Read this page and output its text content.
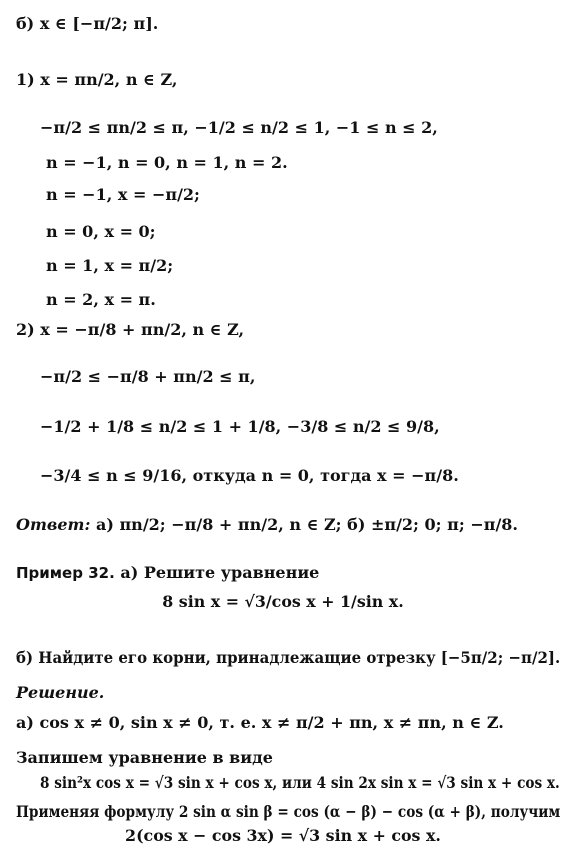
б) x ∈ [−π/2; π].
1) x = πn/2, n ∈ Z,
−π/2 ≤ πn/2 ≤ π, −1/2 ≤ n/2 ≤ 1, −1 ≤ n ≤ 2,
n = −1, n = 0, n = 1, n = 2.
n = −1, x = −π/2;
n = 0, x = 0;
n = 1, x = π/2;
n = 2, x = π.
2) x = −π/8 + πn/2, n ∈ Z,
−π/2 ≤ −π/8 + πn/2 ≤ π,
−1/2 + 1/8 ≤ n/2 ≤ 1 + 1/8, −3/8 ≤ n/2 ≤ 9/8,
−3/4 ≤ n ≤ 9/16, откуда n = 0, тогда x = −π/8.
Ответ: а) πn/2; −π/8 + πn/2, n ∈ Z; б) ±π/2; 0; π; −π/8.
Пример 32. а) Решите уравнение
8 sin x = √3/cos x + 1/sin x.
б) Найдите его корни, принадлежащие отрезку [−5π/2; −π/2].
Решение.
а) cos x ≠ 0, sin x ≠ 0, т. е. x ≠ π/2 + πn, x ≠ πn, n ∈ Z.
Запишем уравнение в виде
8 sin²x cos x = √3 sin x + cos x, или 4 sin 2x sin x = √3 sin x + cos x.
Применяя формулу 2 sin α sin β = cos (α − β) − cos (α + β), получим
2(cos x − cos 3x) = √3 sin x + cos x.
